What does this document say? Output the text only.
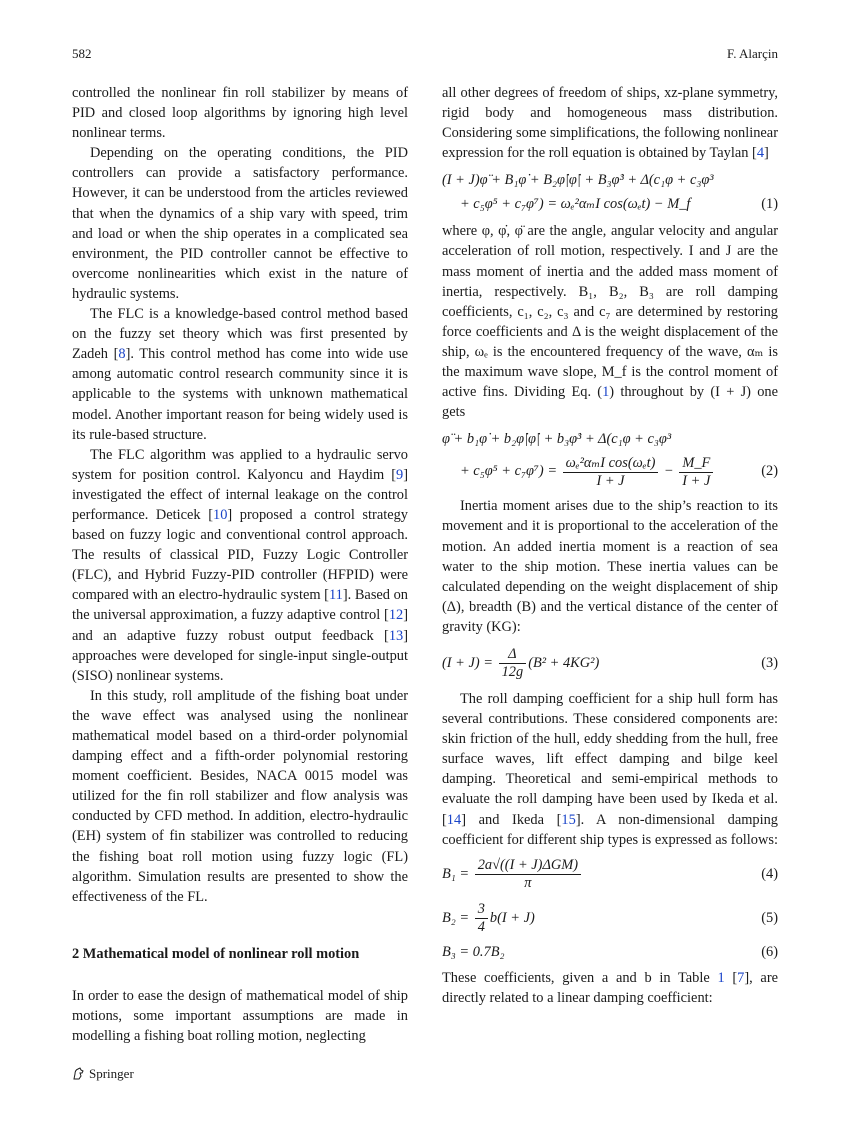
582	F. Alarçin

controlled the nonlinear fin roll stabilizer by means of PID and closed loop algorithms by ignoring high level nonlinear terms.

Depending on the operating conditions, the PID controllers can provide a satisfactory performance. However, it can be understood from the articles reviewed that when the dynamics of a ship vary with speed, trim and load or when the ship operates in a complicated sea environment, the PID controller cannot be effective to overcome nonlinearities which exist in the nature of hydraulic systems.

The FLC is a knowledge-based control method based on the fuzzy set theory which was first presented by Zadeh [8]. This control method has come into wide use among automatic control research community since it is applicable to the systems with unknown mathematical model. Another important reason for being widely used is its rule-based structure.

The FLC algorithm was applied to a hydraulic servo system for position control. Kalyoncu and Haydim [9] investigated the effect of internal leakage on the control performance. Deticek [10] proposed a control strategy based on fuzzy logic and conventional control approach. The results of classical PID, Fuzzy Logic Controller (FLC), and Hybrid Fuzzy-PID controller (HFPID) were compared with an electro-hydraulic system [11]. Based on the universal approximation, a fuzzy adaptive control [12] and an adaptive fuzzy robust output feedback [13] approaches were developed for single-input single-output (SISO) nonlinear systems.

In this study, roll amplitude of the fishing boat under the wave effect was analysed using the nonlinear mathematical model based on a third-order polynomial damping effect and a fifth-order polynomial restoring moment coefficient. Besides, NACA 0015 model was utilized for the fin roll stabilizer and flow analysis was conducted by CFD method. In addition, electro-hydraulic (EH) system of fin stabilizer was controlled to reducing the fishing boat roll motion using fuzzy logic (FL) algorithm. Simulation results are presented to show the effectiveness of the FL.

2 Mathematical model of nonlinear roll motion

In order to ease the design of mathematical model of ship motions, some important assumptions are made in modelling a fishing boat rolling motion, neglecting

all other degrees of freedom of ships, xz-plane symmetry, rigid body and homogeneous mass distribution. Considering some simplifications, the following nonlinear expression for the roll equation is obtained by Taylan [4]

(I + J)φ̈ + B₁φ̇ + B₂φ̇|φ̇| + B₃φ̇³ + Δ(c₁φ + c₃φ³
+ c₅φ⁵ + c₇φ⁷) = ωₑ²αₘI cos(ωₑt) − M_f	(1)

where φ, φ̇, φ̈ are the angle, angular velocity and angular acceleration of roll motion, respectively. I and J are the mass moment of inertia and the added mass moment of inertia, respectively. B₁, B₂, B₃ are roll damping coefficients, c₁, c₂, c₃ and c₇ are determined by restoring force coefficients and Δ is the weight displacement of the ship, ωₑ is the encountered frequency of the wave, αₘ is the maximum wave slope, M_f is the control moment of active fins. Dividing Eq. (1) throughout by (I + J) one gets

φ̈ + b₁φ̇ + b₂φ̇|φ̇| + b₃φ̇³ + Δ(c₁φ + c₃φ³
+ $c_5\varphi^5 + c_7\varphi^7) = \frac{\text{ωₑ²αₘI cos(ωₑt)}}{I + J} - \frac{M\_F}{I + J}$	(2)

Inertia moment arises due to the ship’s reaction to its movement and it is proportional to the acceleration of the motion. An added inertia moment is a reaction of sea water to the ship motion. These inertia values can be calculated depending on the weight displacement of ship (Δ), breadth (B) and the vertical distance of the center of gravity (KG):

$(I + J) = \frac{\Delta}{12g} (B^2 + 4KG^2)$	(3)

The roll damping coefficient for a ship hull form has several contributions. These considered components are: skin friction of the hull, eddy shedding from the hull, free surface waves, lift effect damping and bilge keel damping. Theoretical and semi-empirical methods to evaluate the roll damping have been used by Ikeda et al. [14] and Ikeda [15]. A non-dimensional damping coefficient for different ship types is expressed as follows:

$B_1 = \frac{\text{2a√((I + J)ΔGM)}}{\pi}$	(4)
$B_2 = \frac{3}{4} b(I + J)$	(5)
B₃ = 0.7B₂	(6)

These coefficients, given a and b in Table 1 [7], are directly related to a linear damping coefficient:

Springer
